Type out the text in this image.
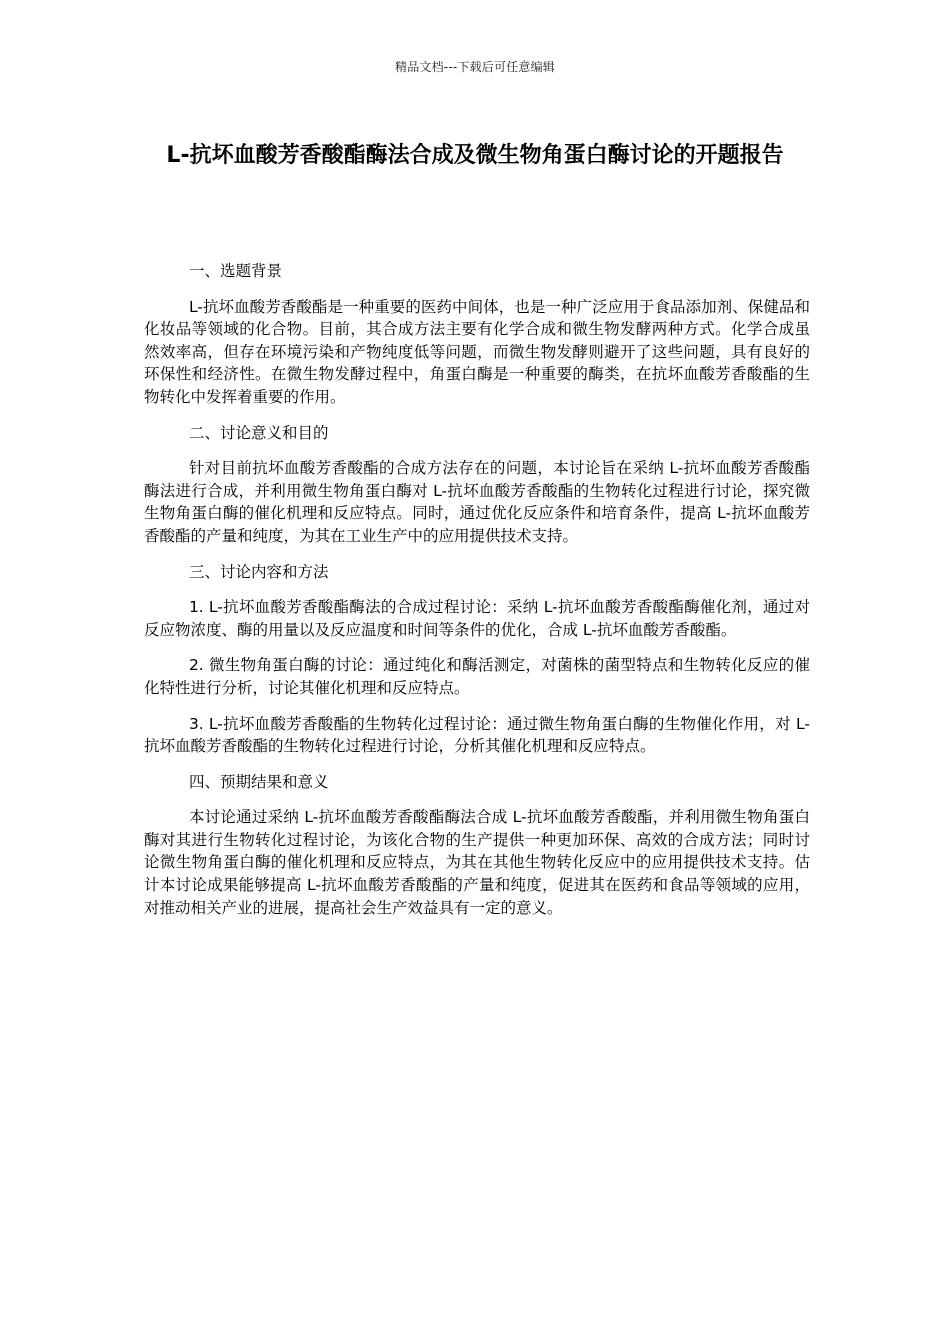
精品文档---下载后可任意编辑
L-抗坏血酸芳香酸酯酶法合成及微生物角蛋白酶讨论的开题报告
一、选题背景

L-抗坏血酸芳香酸酯是一种重要的医药中间体，也是一种广泛应用于食品添加剂、保健品和化妆品等领域的化合物。目前，其合成方法主要有化学合成和微生物发酵两种方式。化学合成虽然效率高，但存在环境污染和产物纯度低等问题，而微生物发酵则避开了这些问题，具有良好的环保性和经济性。在微生物发酵过程中，角蛋白酶是一种重要的酶类，在抗坏血酸芳香酸酯的生物转化中发挥着重要的作用。

二、讨论意义和目的

针对目前抗坏血酸芳香酸酯的合成方法存在的问题，本讨论旨在采纳 L-抗坏血酸芳香酸酯酶法进行合成，并利用微生物角蛋白酶对 L-抗坏血酸芳香酸酯的生物转化过程进行讨论，探究微生物角蛋白酶的催化机理和反应特点。同时，通过优化反应条件和培育条件，提高 L-抗坏血酸芳香酸酯的产量和纯度，为其在工业生产中的应用提供技术支持。

三、讨论内容和方法

1. L-抗坏血酸芳香酸酯酶法的合成过程讨论：采纳 L-抗坏血酸芳香酸酯酶催化剂，通过对反应物浓度、酶的用量以及反应温度和时间等条件的优化，合成 L-抗坏血酸芳香酸酯。

2. 微生物角蛋白酶的讨论：通过纯化和酶活测定，对菌株的菌型特点和生物转化反应的催化特性进行分析，讨论其催化机理和反应特点。

3. L-抗坏血酸芳香酸酯的生物转化过程讨论：通过微生物角蛋白酶的生物催化作用，对 L-抗坏血酸芳香酸酯的生物转化过程进行讨论，分析其催化机理和反应特点。

四、预期结果和意义

本讨论通过采纳 L-抗坏血酸芳香酸酯酶法合成 L-抗坏血酸芳香酸酯，并利用微生物角蛋白酶对其进行生物转化过程讨论，为该化合物的生产提供一种更加环保、高效的合成方法；同时讨论微生物角蛋白酶的催化机理和反应特点，为其在其他生物转化反应中的应用提供技术支持。估计本讨论成果能够提高 L-抗坏血酸芳香酸酯的产量和纯度，促进其在医药和食品等领域的应用，对推动相关产业的进展，提高社会生产效益具有一定的意义。
